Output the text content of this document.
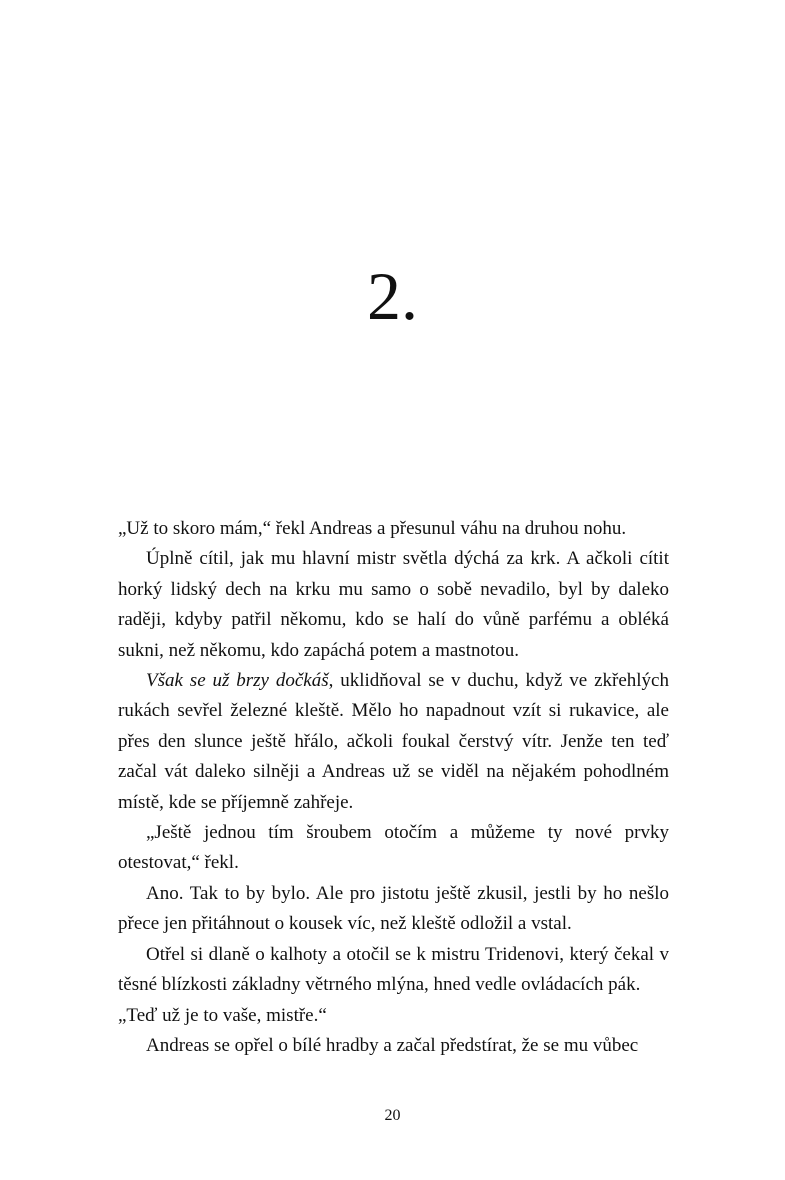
2.

„Už to skoro mám,“ řekl Andreas a přesunul váhu na druhou nohu.

Úplně cítil, jak mu hlavní mistr světla dýchá za krk. A ačkoli cítit horký lidský dech na krku mu samo o sobě nevadilo, byl by daleko raději, kdyby patřil někomu, kdo se halí do vůně parfému a obléká sukni, než někomu, kdo zapáchá potem a mastnotou.

Však se už brzy dočkáš, uklidňoval se v duchu, když ve zkřehlých rukách sevřel železné kleště. Mělo ho napadnout vzít si rukavice, ale přes den slunce ještě hřálo, ačkoli foukal čerstvý vítr. Jenže ten teď začal vát daleko silněji a Andreas už se viděl na nějakém pohodlném místě, kde se příjemně zahřeje.

„Ještě jednou tím šroubem otočím a můžeme ty nové prvky otestovat,“ řekl.

Ano. Tak to by bylo. Ale pro jistotu ještě zkusil, jestli by ho nešlo přece jen přitáhnout o kousek víc, než kleště odložil a vstal.

Otřel si dlaně o kalhoty a otočil se k mistru Tridenovi, který čekal v těsné blízkosti základny větrného mlýna, hned vedle ovládacích pák.

„Teď už je to vaše, mistře.“

Andreas se opřel o bílé hradby a začal předstírat, že se mu vůbec

20
